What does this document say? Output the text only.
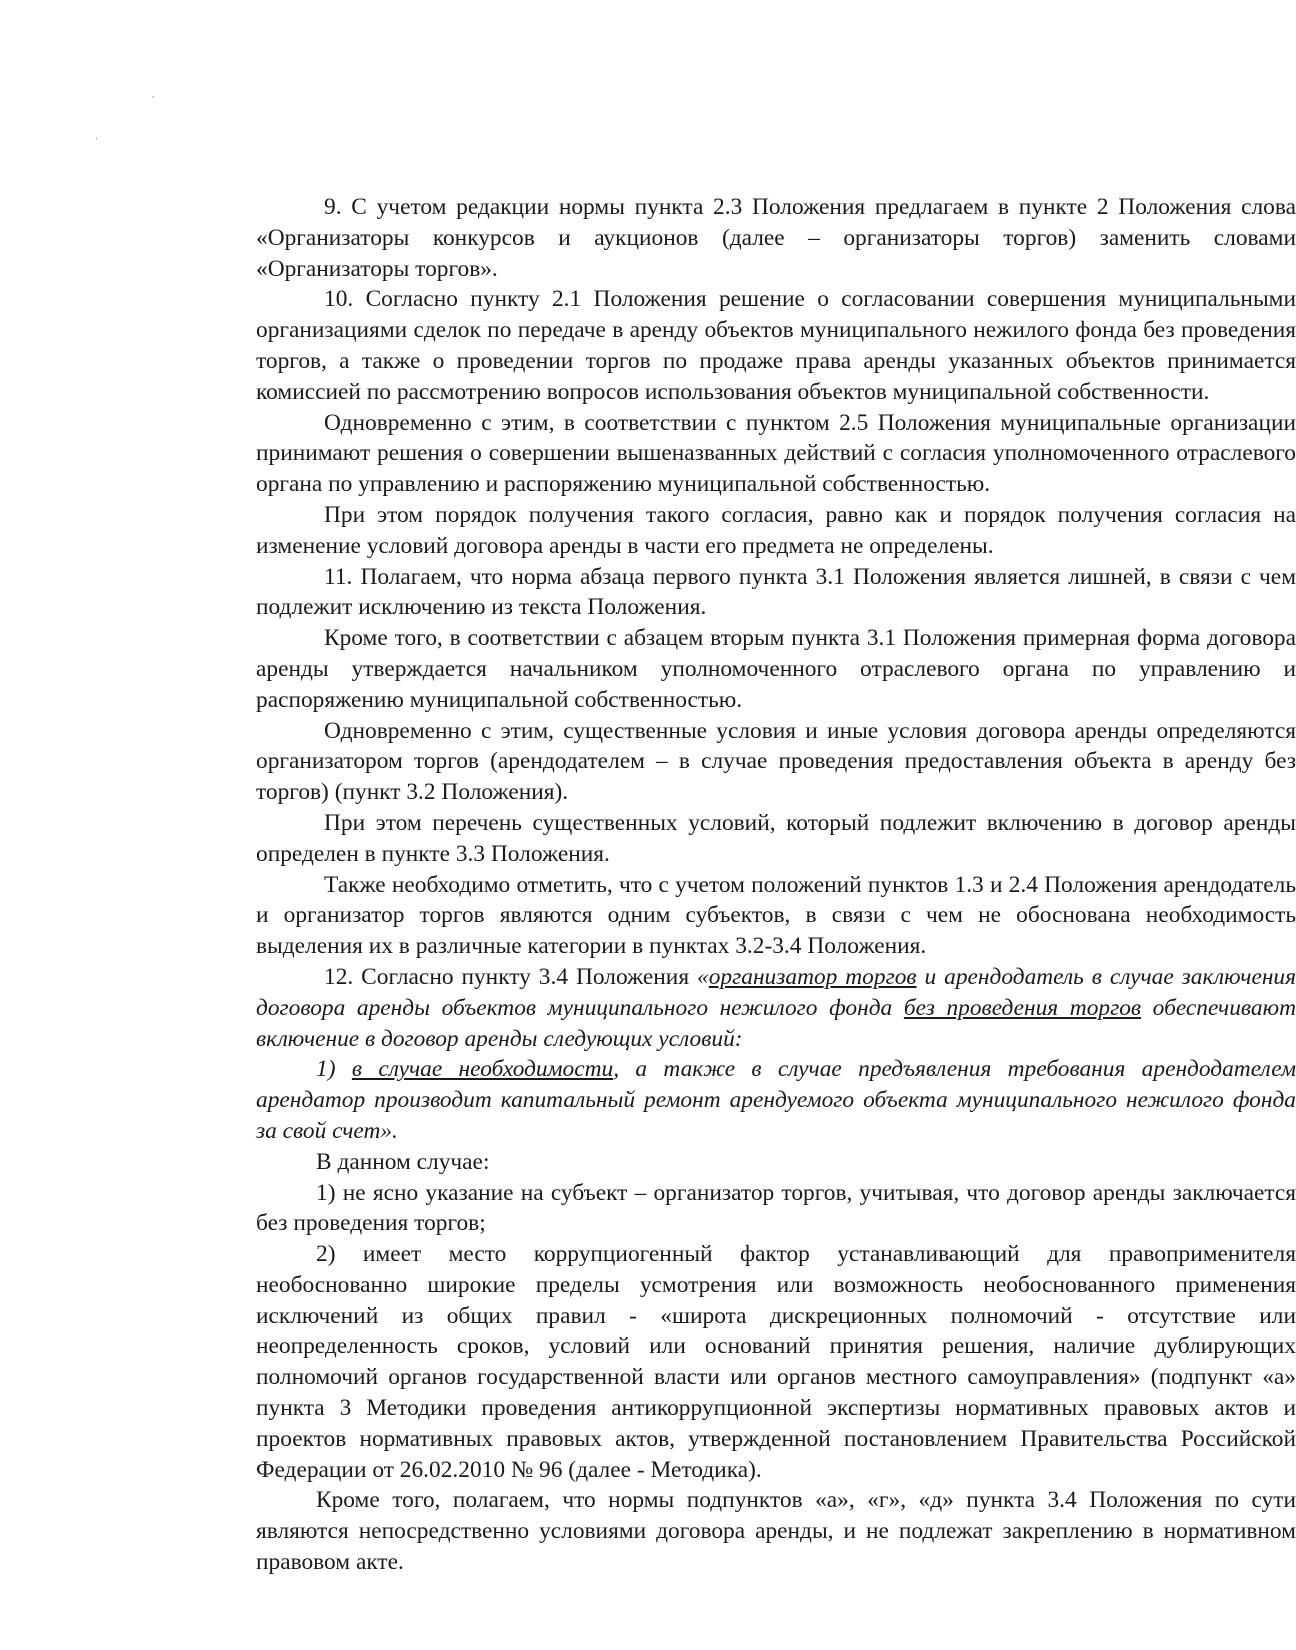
9. С учетом редакции нормы пункта 2.3 Положения предлагаем в пункте 2 Положения слова «Организаторы конкурсов и аукционов (далее – организаторы торгов) заменить словами «Организаторы торгов».

10. Согласно пункту 2.1 Положения решение о согласовании совершения муниципальными организациями сделок по передаче в аренду объектов муниципального нежилого фонда без проведения торгов, а также о проведении торгов по продаже права аренды указанных объектов принимается комиссией по рассмотрению вопросов использования объектов муниципальной собственности.

Одновременно с этим, в соответствии с пунктом 2.5 Положения муниципальные организации принимают решения о совершении вышеназванных действий с согласия уполномоченного отраслевого органа по управлению и распоряжению муниципальной собственностью.

При этом порядок получения такого согласия, равно как и порядок получения согласия на изменение условий договора аренды в части его предмета не определены.

11. Полагаем, что норма абзаца первого пункта 3.1 Положения является лишней, в связи с чем подлежит исключению из текста Положения.

Кроме того, в соответствии с абзацем вторым пункта 3.1 Положения примерная форма договора аренды утверждается начальником уполномоченного отраслевого органа по управлению и распоряжению муниципальной собственностью.

Одновременно с этим, существенные условия и иные условия договора аренды определяются организатором торгов (арендодателем – в случае проведения предоставления объекта в аренду без торгов) (пункт 3.2 Положения).

При этом перечень существенных условий, который подлежит включению в договор аренды определен в пункте 3.3 Положения.

Также необходимо отметить, что с учетом положений пунктов 1.3 и 2.4 Положения арендодатель и организатор торгов являются одним субъектов, в связи с чем не обоснована необходимость выделения их в различные категории в пунктах 3.2-3.4 Положения.

12. Согласно пункту 3.4 Положения «организатор торгов и арендодатель в случае заключения договора аренды объектов муниципального нежилого фонда без проведения торгов обеспечивают включение в договор аренды следующих условий:

1) в случае необходимости, а также в случае предъявления требования арендодателем арендатор производит капитальный ремонт арендуемого объекта муниципального нежилого фонда за свой счет».

В данном случае:

1) не ясно указание на субъект – организатор торгов, учитывая, что договор аренды заключается без проведения торгов;

2) имеет место коррупциогенный фактор устанавливающий для правоприменителя необоснованно широкие пределы усмотрения или возможность необоснованного применения исключений из общих правил - «широта дискреционных полномочий - отсутствие или неопределенность сроков, условий или оснований принятия решения, наличие дублирующих полномочий органов государственной власти или органов местного самоуправления» (подпункт «а» пункта 3 Методики проведения антикоррупционной экспертизы нормативных правовых актов и проектов нормативных правовых актов, утвержденной постановлением Правительства Российской Федерации от 26.02.2010 № 96 (далее - Методика).

Кроме того, полагаем, что нормы подпунктов «а», «г», «д» пункта 3.4 Положения по сути являются непосредственно условиями договора аренды, и не подлежат закреплению в нормативном правовом акте.
